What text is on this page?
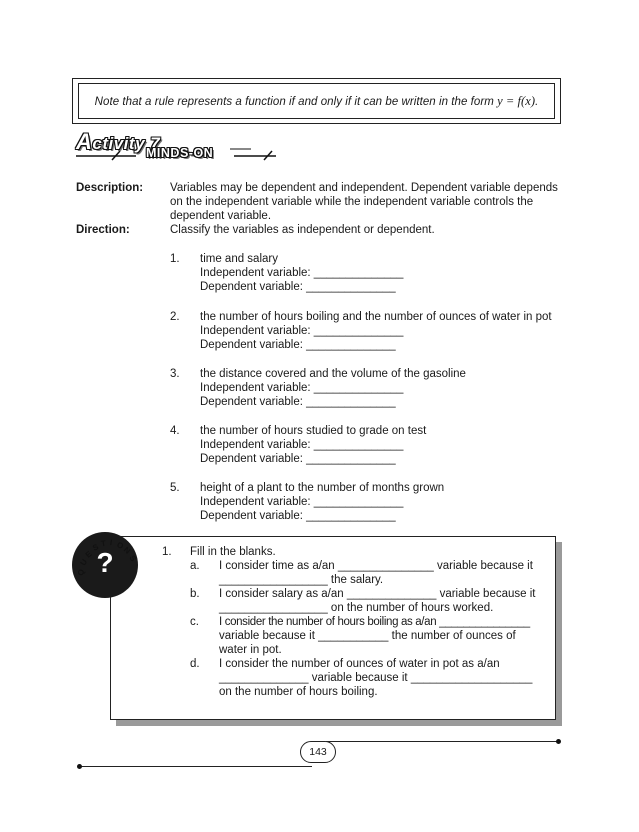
Note that a rule represents a function if and only if it can be written in the form y = f(x).
Activity 7
MINDS-ON
Description: Variables may be dependent and independent. Dependent variable depends
on the independent variable while the independent variable controls the
dependent variable.
Direction:	Classify the variables as independent or dependent.
1. time and salary
Independent variable: ______________
Dependent variable: ______________
2. the number of hours boiling and the number of ounces of water in pot
Independent variable: ______________
Dependent variable: ______________
3. the distance covered and the volume of the gasoline
Independent variable: ______________
Dependent variable: ______________
4. the number of hours studied to grade on test
Independent variable: ______________
Dependent variable: ______________
5. height of a plant to the number of months grown
Independent variable: ______________
Dependent variable: ______________
?
Q
U
E
S T I O
N
S
1. Fill in the blanks.
a. I consider time as a/an _______________ variable because it
_________________ the salary.
b. I consider salary as a/an ______________ variable because it
_________________ on the number of hours worked.
c. I consider the number of hours boiling as a/an _______________
variable because it ___________ the number of ounces of
water in pot.
d. I consider the number of ounces of water in pot as a/an
______________ variable because it ___________________
on the number of hours boiling.
143
